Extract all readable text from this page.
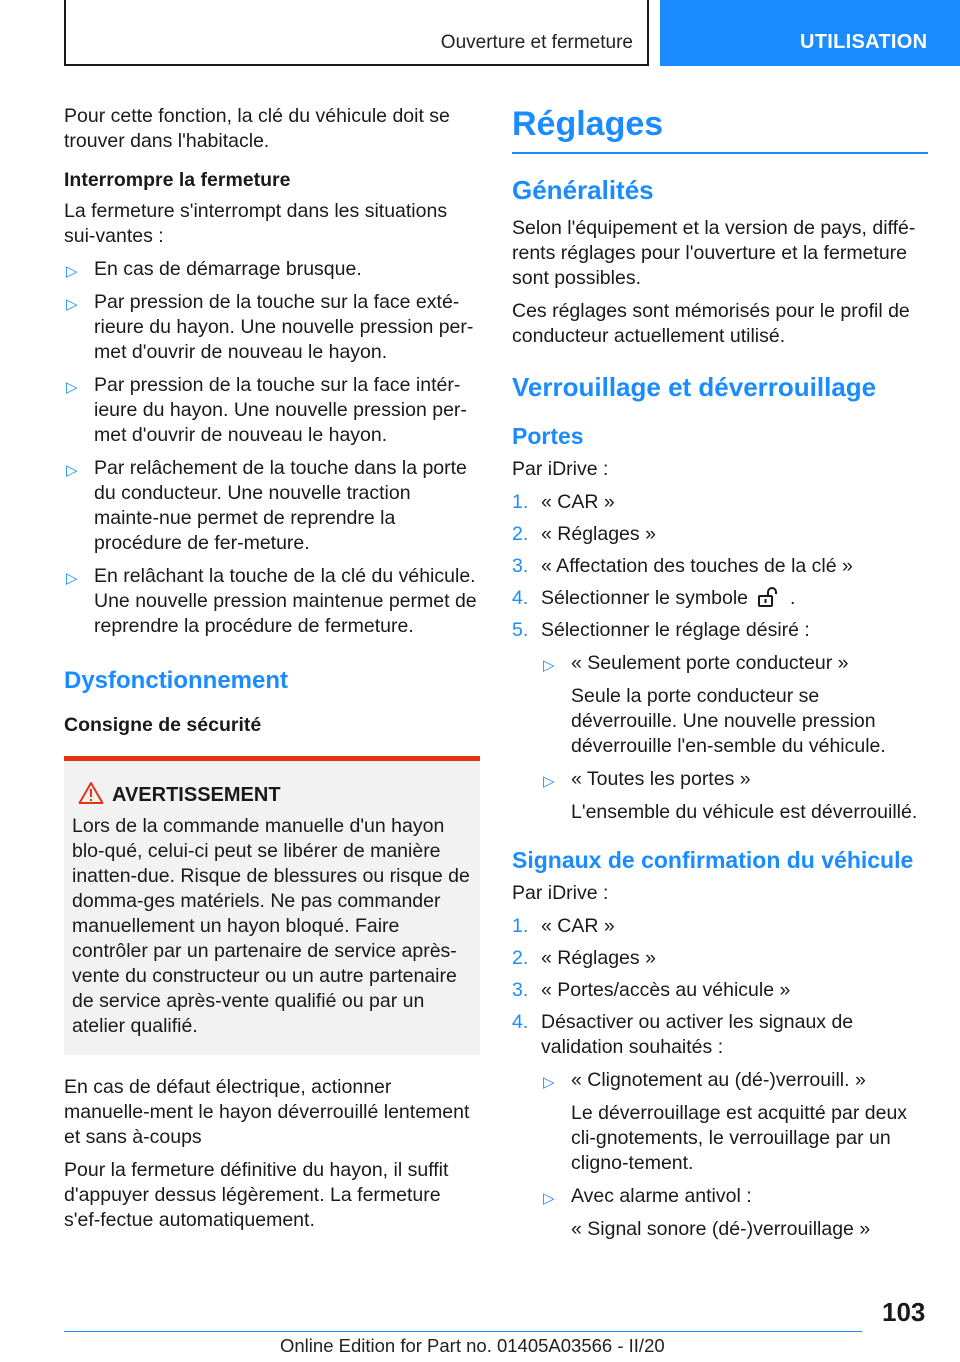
Ouverture et fermeture	UTILISATION

Pour cette fonction, la clé du véhicule doit se trouver dans l'habitacle.

Interrompre la fermeture

La fermeture s'interrompt dans les situations sui-vantes :

▷ En cas de démarrage brusque.
▷ Par pression de la touche sur la face exté-rieure du hayon. Une nouvelle pression per-met d'ouvrir de nouveau le hayon.
▷ Par pression de la touche sur la face intér-ieure du hayon. Une nouvelle pression per-met d'ouvrir de nouveau le hayon.
▷ Par relâchement de la touche dans la porte du conducteur. Une nouvelle traction mainte-nue permet de reprendre la procédure de fer-meture.
▷ En relâchant la touche de la clé du véhicule. Une nouvelle pression maintenue permet de reprendre la procédure de fermeture.
Dysfonctionnement
Consigne de sécurité
AVERTISSEMENT
Lors de la commande manuelle d'un hayon blo-qué, celui-ci peut se libérer de manière inatten-due. Risque de blessures ou risque de domma-ges matériels. Ne pas commander manuellement un hayon bloqué. Faire contrôler par un partenaire de service après-vente du constructeur ou un autre partenaire de service après-vente qualifié ou par un atelier qualifié.

En cas de défaut électrique, actionner manuelle-ment le hayon déverrouillé lentement et sans à-coups

Pour la fermeture définitive du hayon, il suffit d'appuyer dessus légèrement. La fermeture s'ef-fectue automatiquement.

Réglages
Généralités

Selon l'équipement et la version de pays, diffé-rents réglages pour l'ouverture et la fermeture sont possibles.

Ces réglages sont mémorisés pour le profil de conducteur actuellement utilisé.

Verrouillage et déverrouillage
Portes

Par iDrive :

1. « CAR »
2. « Réglages »
3. « Affectation des touches de la clé »
4. Sélectionner le symbole .
5. Sélectionner le réglage désiré :
▷ « Seulement porte conducteur »
Seule la porte conducteur se déverrouille. Une nouvelle pression déverrouille l'en-semble du véhicule.
▷ « Toutes les portes »
L'ensemble du véhicule est déverrouillé.
Signaux de confirmation du véhicule

Par iDrive :

1. « CAR »
2. « Réglages »
3. « Portes/accès au véhicule »
4. Désactiver ou activer les signaux de validation souhaités :
▷ « Clignotement au (dé-)verrouill. »
Le déverrouillage est acquitté par deux cli-gnotements, le verrouillage par un cligno-tement.
▷ Avec alarme antivol :
« Signal sonore (dé-)verrouillage »
103
Online Edition for Part no. 01405A03566 - II/20
